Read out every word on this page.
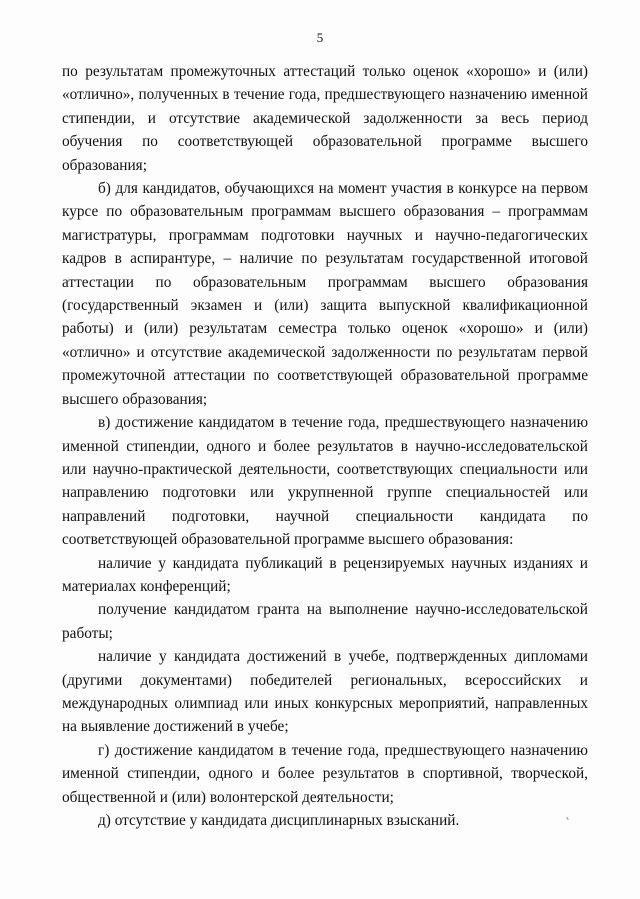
5

по результатам промежуточных аттестаций только оценок «хорошо» и (или) «отлично», полученных в течение года, предшествующего назначению именной стипендии, и отсутствие академической задолженности за весь период обучения по соответствующей образовательной программе высшего образования;

б) для кандидатов, обучающихся на момент участия в конкурсе на первом курсе по образовательным программам высшего образования – программам магистратуры, программам подготовки научных и научно-педагогических кадров в аспирантуре, – наличие по результатам государственной итоговой аттестации по образовательным программам высшего образования (государственный экзамен и (или) защита выпускной квалификационной работы) и (или) результатам семестра только оценок «хорошо» и (или) «отлично» и отсутствие академической задолженности по результатам первой промежуточной аттестации по соответствующей образовательной программе высшего образования;

в) достижение кандидатом в течение года, предшествующего назначению именной стипендии, одного и более результатов в научно-исследовательской или научно-практической деятельности, соответствующих специальности или направлению подготовки или укрупненной группе специальностей или направлений подготовки, научной специальности кандидата по соответствующей образовательной программе высшего образования:

наличие у кандидата публикаций в рецензируемых научных изданиях и материалах конференций;

получение кандидатом гранта на выполнение научно-исследовательской работы;

наличие у кандидата достижений в учебе, подтвержденных дипломами (другими документами) победителей региональных, всероссийских и международных олимпиад или иных конкурсных мероприятий, направленных на выявление достижений в учебе;

г) достижение кандидатом в течение года, предшествующего назначению именной стипендии, одного и более результатов в спортивной, творческой, общественной и (или) волонтерской деятельности;

д) отсутствие у кандидата дисциплинарных взысканий.
